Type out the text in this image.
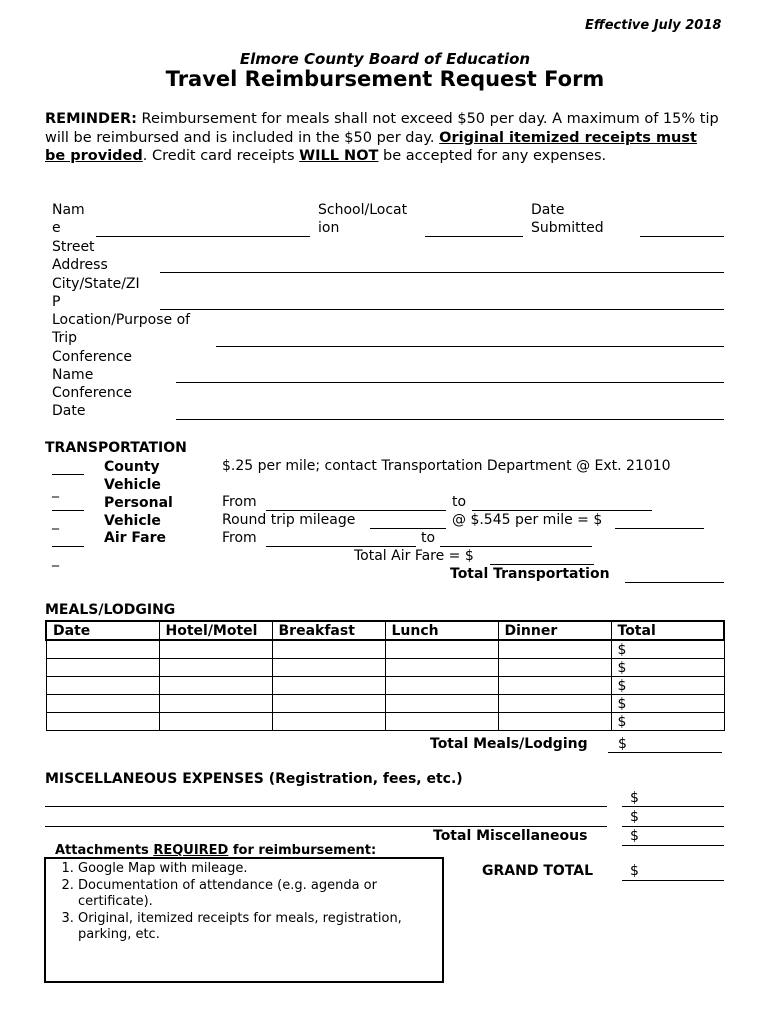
Effective July 2018
Elmore County Board of Education
Travel Reimbursement Request Form
REMINDER: Reimbursement for meals shall not exceed $50 per day. A maximum of 15% tip will be reimbursed and is included in the $50 per day. Original itemized receipts must be provided. Credit card receipts WILL NOT be accepted for any expenses.
Nam e
School/Locat ion
Date Submitted
Street Address
City/State/ZI P
Location/Purpose of Trip
Conference Name
Conference Date
TRANSPORTATION
_
County Vehicle
$.25 per mile; contact Transportation Department @ Ext. 21010
_
Personal Vehicle
From	to
Round trip mileage	@ $.545 per mile = $
_
Air Fare	From	to
Total Air Fare = $
Total Transportation
MEALS/LODGING
Date	Hotel/Motel	Breakfast	Lunch	Dinner	Total
					$
					$
					$
					$
					$
Total Meals/Lodging $
MISCELLANEOUS EXPENSES (Registration, fees, etc.)
$
$
Total Miscellaneous	$
Attachments REQUIRED for reimbursement:
1. Google Map with mileage.
2. Documentation of attendance (e.g. agenda or certificate).
3. Original, itemized receipts for meals, registration, parking, etc.
GRAND TOTAL	$
